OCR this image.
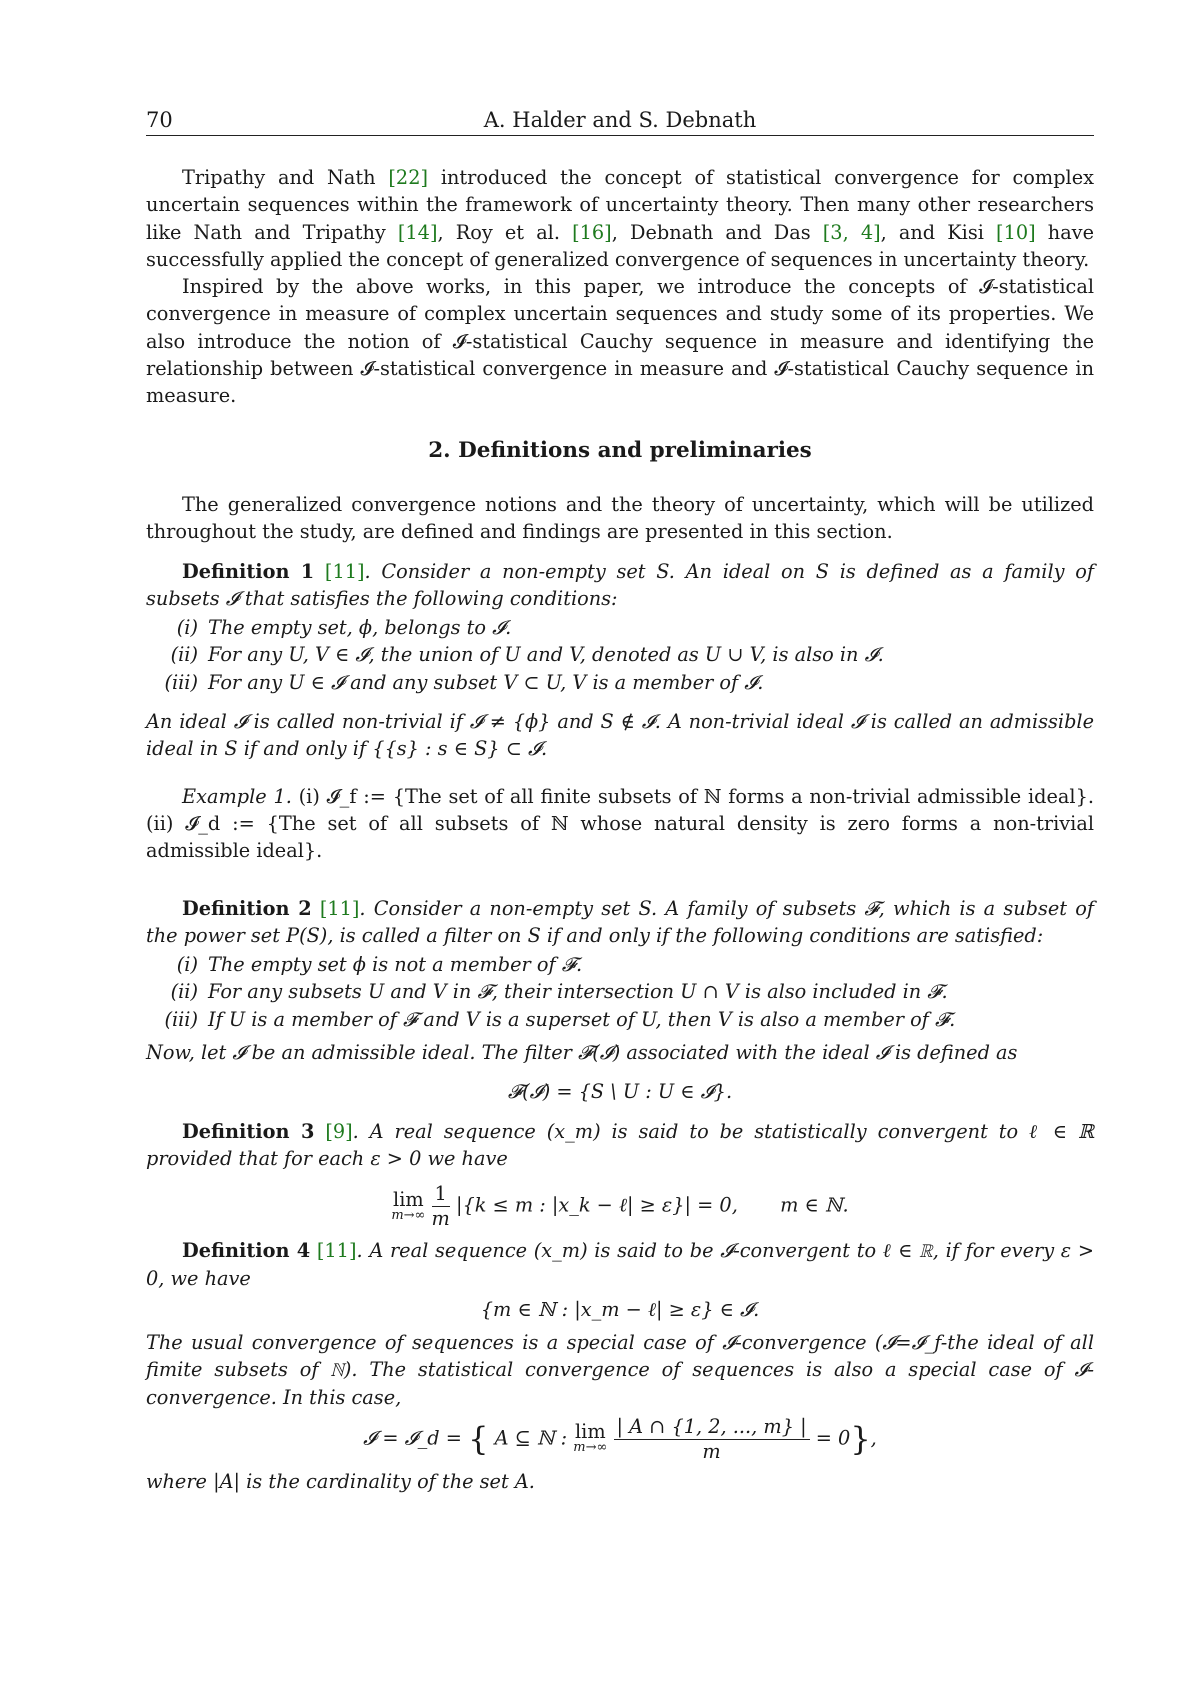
70	A. Halder and S. Debnath

Tripathy and Nath [22] introduced the concept of statistical convergence for complex uncertain sequences within the framework of uncertainty theory. Then many other researchers like Nath and Tripathy [14], Roy et al. [16], Debnath and Das [3, 4], and Kisi [10] have successfully applied the concept of generalized convergence of sequences in uncertainty theory.

Inspired by the above works, in this paper, we introduce the concepts of 𝓘-statistical convergence in measure of complex uncertain sequences and study some of its properties. We also introduce the notion of 𝓘-statistical Cauchy sequence in measure and identifying the relationship between 𝓘-statistical convergence in measure and 𝓘-statistical Cauchy sequence in measure.

2. Definitions and preliminaries

The generalized convergence notions and the theory of uncertainty, which will be utilized throughout the study, are defined and findings are presented in this section.

Definition 1 [11]. Consider a non-empty set S. An ideal on S is defined as a family of subsets 𝓘 that satisfies the following conditions:

(i) The empty set, ϕ, belongs to 𝓘.
(ii) For any U, V ∈ 𝓘, the union of U and V, denoted as U ∪ V, is also in 𝓘.
(iii) For any U ∈ 𝓘 and any subset V ⊂ U, V is a member of 𝓘.

An ideal 𝓘 is called non-trivial if 𝓘 ≠ {ϕ} and S ∉ 𝓘. A non-trivial ideal 𝓘 is called an admissible ideal in S if and only if {{s} : s ∈ S} ⊂ 𝓘.

Example 1. (i) 𝓘_f := {The set of all finite subsets of ℕ forms a non-trivial admissible ideal}. (ii) 𝓘_d := {The set of all subsets of ℕ whose natural density is zero forms a non-trivial admissible ideal}.

Definition 2 [11]. Consider a non-empty set S. A family of subsets 𝓕, which is a subset of the power set P(S), is called a filter on S if and only if the following conditions are satisfied:

(i) The empty set ϕ is not a member of 𝓕.
(ii) For any subsets U and V in 𝓕, their intersection U ∩ V is also included in 𝓕.
(iii) If U is a member of 𝓕 and V is a superset of U, then V is also a member of 𝓕.

Now, let 𝓘 be an admissible ideal. The filter 𝓕(𝓘) associated with the ideal 𝓘 is defined as

𝓕(𝓘) = {S \ U : U ∈ 𝓘}.

Definition 3 [9]. A real sequence (x_m) is said to be statistically convergent to ℓ ∈ ℝ provided that for each ε > 0 we have

lim
m→∞
$\frac{1}{m} |\{k \le m$ : |x_k − ℓ| ≥ ε}| = 0, m ∈ ℕ.

Definition 4 [11]. A real sequence (x_m) is said to be 𝓘-convergent to ℓ ∈ ℝ, if for every ε > 0, we have

{m ∈ ℕ : |x_m − ℓ| ≥ ε} ∈ 𝓘.

The usual convergence of sequences is a special case of 𝓘-convergence (𝓘=𝓘_f-the ideal of all fimite subsets of ℕ). The statistical convergence of sequences is also a special case of 𝓘-convergence. In this case,

𝓘 = 𝓘_d = { A ⊆ ℕ : lim
m→∞
$\frac{| A \cap \{1, 2, ..., m\} |}{m} = 0$},

where |A| is the cardinality of the set A.
